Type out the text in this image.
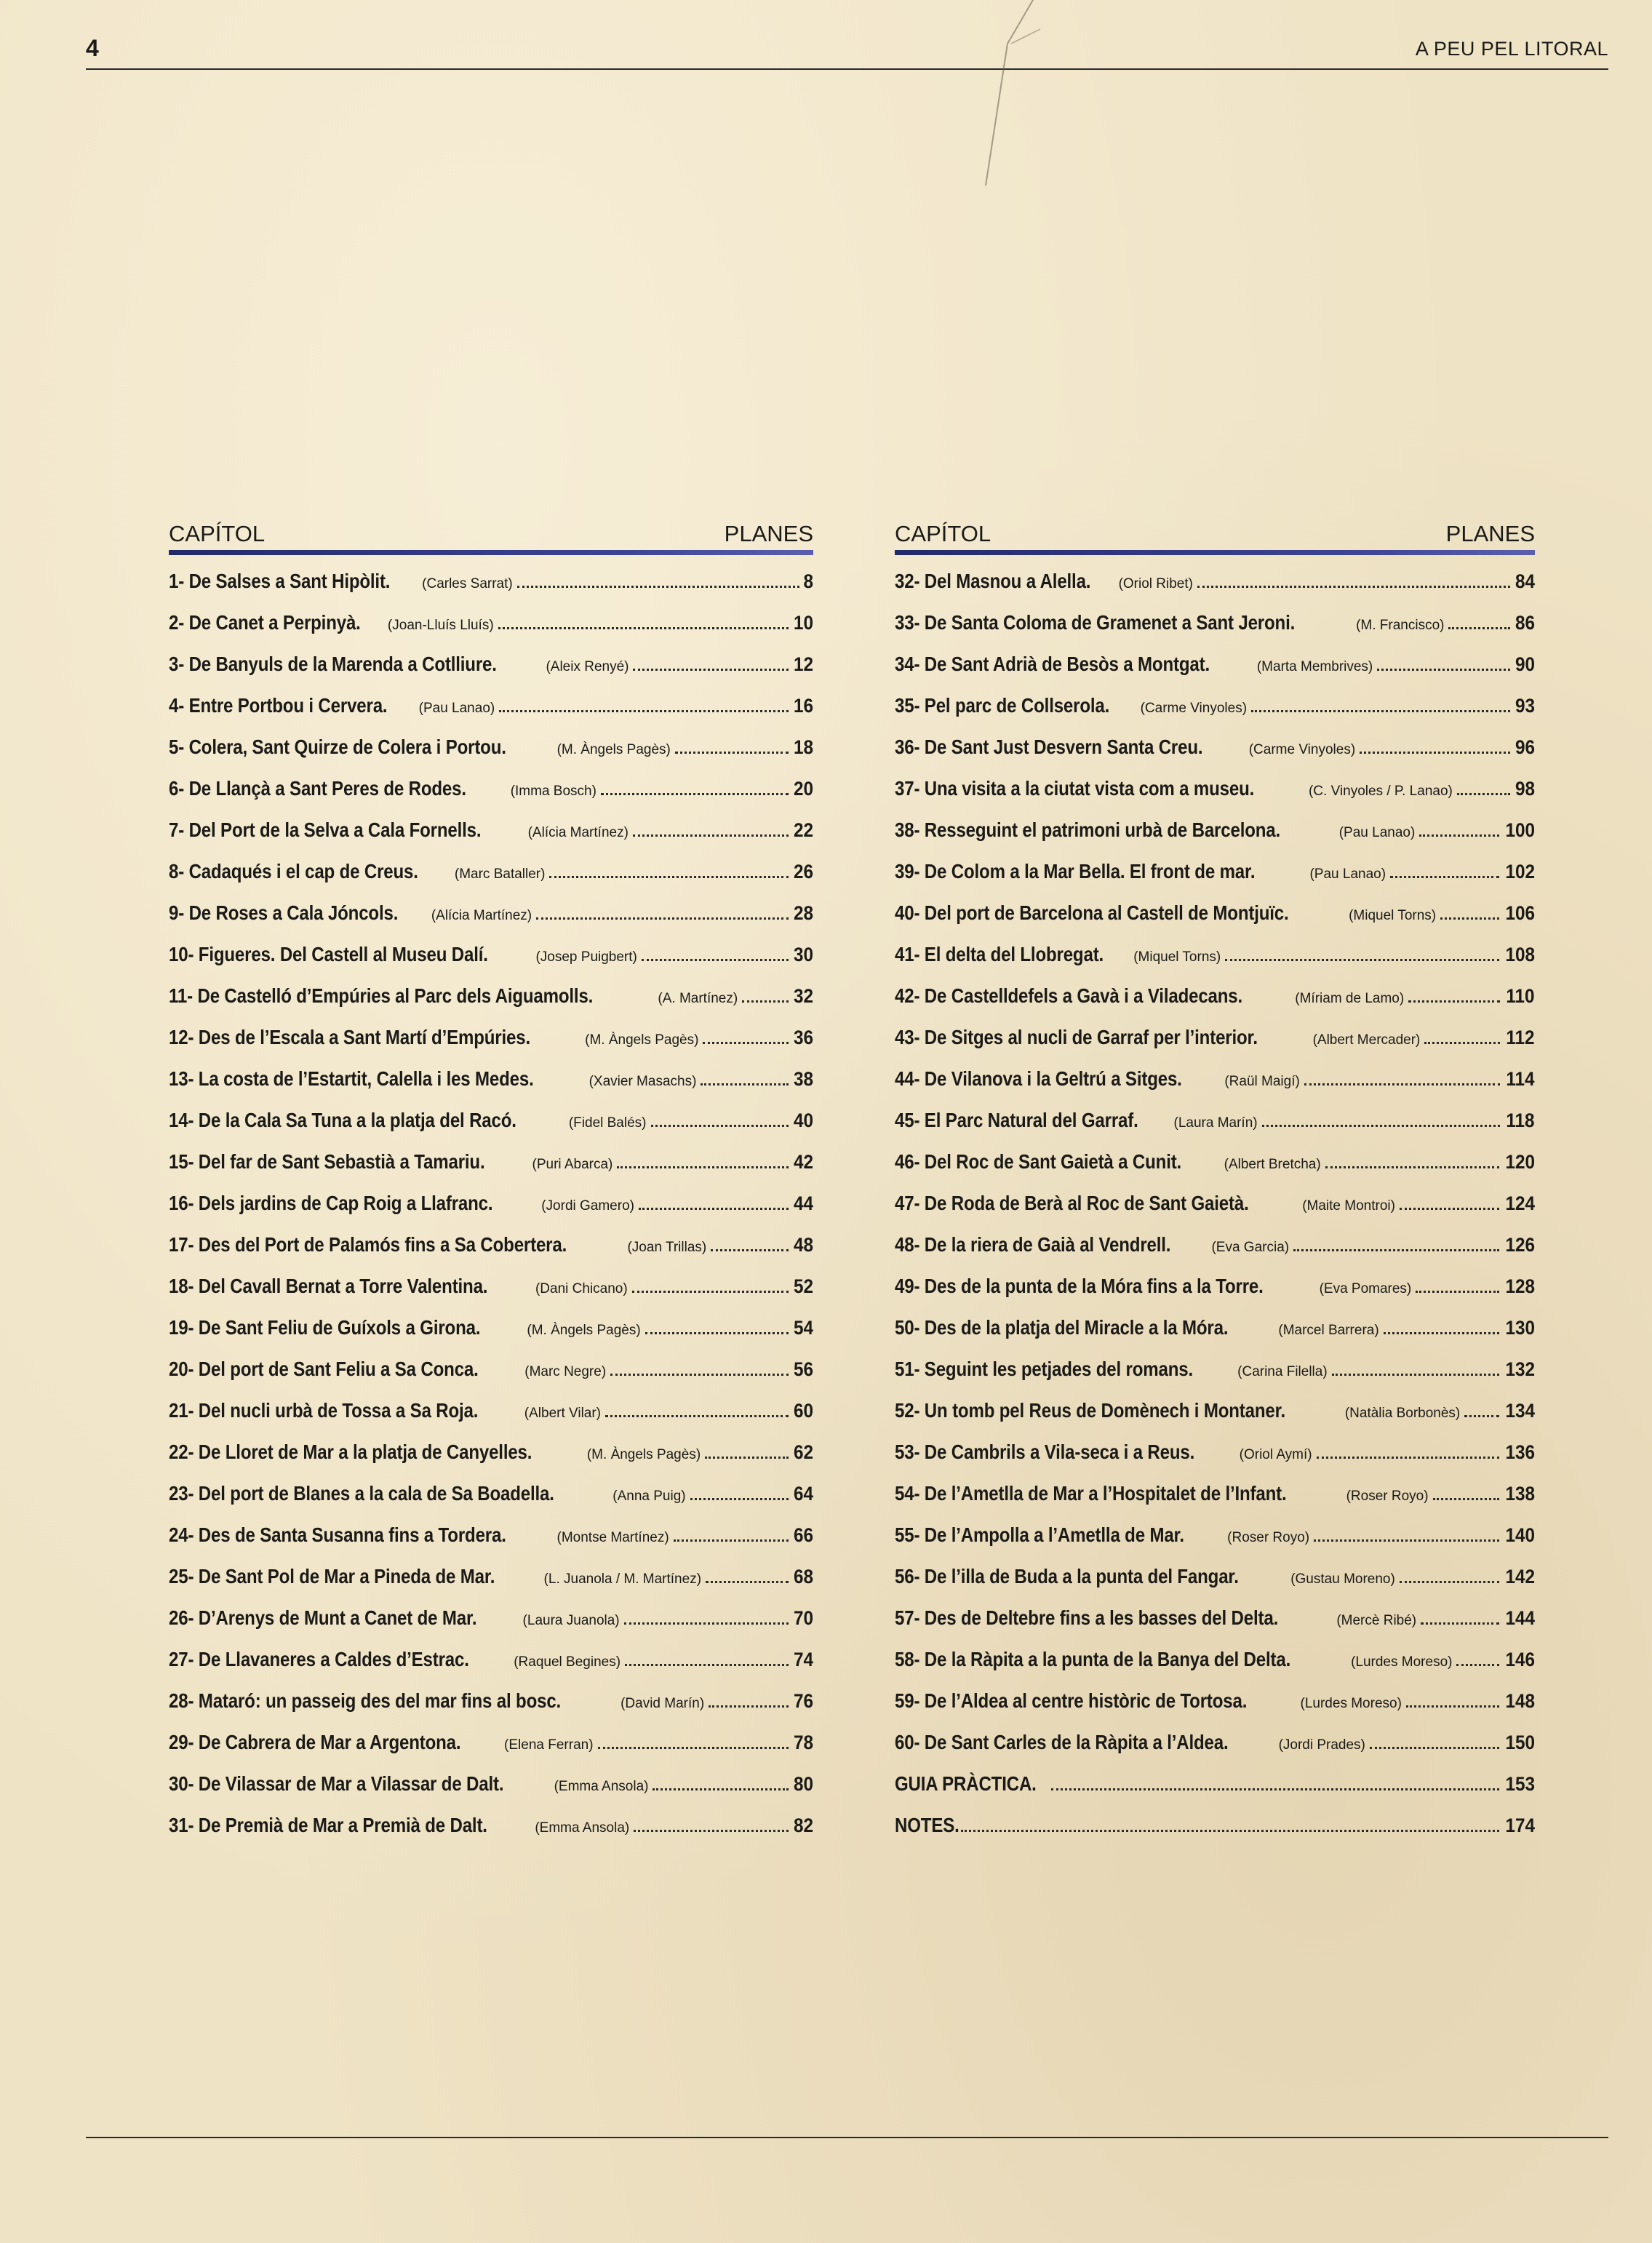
4	A PEU PEL LITORAL
CAPÍTOL	PLANES
1- De Salses a Sant Hipòlit. (Carles Sarrat)	8
2- De Canet a Perpinyà. (Joan-Lluís Lluís)	10
3- De Banyuls de la Marenda a Cotlliure.	(Aleix Renyé)	12
4- Entre Portbou i Cervera. (Pau Lanao)	16
5- Colera, Sant Quirze de Colera i Portou.	(M. Àngels Pagès)	18
6- De Llançà a Sant Peres de Rodes.	(Imma Bosch)	20
7- Del Port de la Selva a Cala Fornells.	(Alícia Martínez)	22
8- Cadaqués i el cap de Creus.	(Marc Bataller)	26
9- De Roses a Cala Jóncols. (Alícia Martínez)	28
10- Figueres. Del Castell al Museu Dalí.	(Josep Puigbert)	30
11- De Castelló d’Empúries al Parc dels Aiguamolls.	(A. Martínez)	32
12- Des de l’Escala a Sant Martí d’Empúries.	(M. Àngels Pagès)	36
13- La costa de l’Estartit, Calella i les Medes.	(Xavier Masachs)	38
14- De la Cala Sa Tuna a la platja del Racó.	(Fidel Balés)	40
15- Del far de Sant Sebastià a Tamariu.	(Puri Abarca)	42
16- Dels jardins de Cap Roig a Llafranc.	(Jordi Gamero)	44
17- Des del Port de Palamós fins a Sa Cobertera.	(Joan Trillas)	48
18- Del Cavall Bernat a Torre Valentina.	(Dani Chicano)	52
19- De Sant Feliu de Guíxols a Girona.	(M. Àngels Pagès)	54
20- Del port de Sant Feliu a Sa Conca.	(Marc Negre)	56
21- Del nucli urbà de Tossa a Sa Roja.	(Albert Vilar)	60
22- De Lloret de Mar a la platja de Canyelles.	(M. Àngels Pagès)	62
23- Del port de Blanes a la cala de Sa Boadella.	(Anna Puig)	64
24- Des de Santa Susanna fins a Tordera.	(Montse Martínez)	66
25- De Sant Pol de Mar a Pineda de Mar.	(L. Juanola / M. Martínez)	68
26- D’Arenys de Munt a Canet de Mar.	(Laura Juanola)	70
27- De Llavaneres a Caldes d’Estrac.	(Raquel Begines)	74
28- Mataró: un passeig des del mar fins al bosc.	(David Marín)	76
29- De Cabrera de Mar a Argentona.	(Elena Ferran)	78
30- De Vilassar de Mar a Vilassar de Dalt.	(Emma Ansola)	80
31- De Premià de Mar a Premià de Dalt.	(Emma Ansola)	82
CAPÍTOL	PLANES
32- Del Masnou a Alella. (Oriol Ribet)	84
33- De Santa Coloma de Gramenet a Sant Jeroni.	(M. Francisco)	86
34- De Sant Adrià de Besòs a Montgat.	(Marta Membrives)	90
35- Pel parc de Collserola. (Carme Vinyoles)	93
36- De Sant Just Desvern Santa Creu.	(Carme Vinyoles)	96
37- Una visita a la ciutat vista com a museu.	(C. Vinyoles / P. Lanao)	98
38- Resseguint el patrimoni urbà de Barcelona.	(Pau Lanao)	100
39- De Colom a la Mar Bella. El front de mar.	(Pau Lanao)	102
40- Del port de Barcelona al Castell de Montjuïc.	(Miquel Torns)	106
41- El delta del Llobregat. (Miquel Torns)	108
42- De Castelldefels a Gavà i a Viladecans.	(Míriam de Lamo)	110
43- De Sitges al nucli de Garraf per l’interior.	(Albert Mercader)	112
44- De Vilanova i la Geltrú a Sitges.	(Raül Maigí)	114
45- El Parc Natural del Garraf.	(Laura Marín)	118
46- Del Roc de Sant Gaietà a Cunit.	(Albert Bretcha)	120
47- De Roda de Berà al Roc de Sant Gaietà.	(Maite Montroi)	124
48- De la riera de Gaià al Vendrell.	(Eva Garcia)	126
49- Des de la punta de la Móra fins a la Torre.	(Eva Pomares)	128
50- Des de la platja del Miracle a la Móra.	(Marcel Barrera)	130
51- Seguint les petjades del romans.	(Carina Filella)	132
52- Un tomb pel Reus de Domènech i Montaner.	(Natàlia Borbonès) 134
53- De Cambrils a Vila-seca i a Reus.	(Oriol Aymí)	136
54- De l’Ametlla de Mar a l’Hospitalet de l’Infant.	(Roser Royo)	138
55- De l’Ampolla a l’Ametlla de Mar.	(Roser Royo)	140
56- De l’illa de Buda a la punta del Fangar.	(Gustau Moreno)	142
57- Des de Deltebre fins a les basses del Delta.	(Mercè Ribé)	144
58- De la Ràpita a la punta de la Banya del Delta.	(Lurdes Moreso)	146
59- De l’Aldea al centre històric de Tortosa.	(Lurdes Moreso)	148
60- De Sant Carles de la Ràpita a l’Aldea.	(Jordi Prades)	150
GUIA PRÀCTICA.	153
NOTES.	174
